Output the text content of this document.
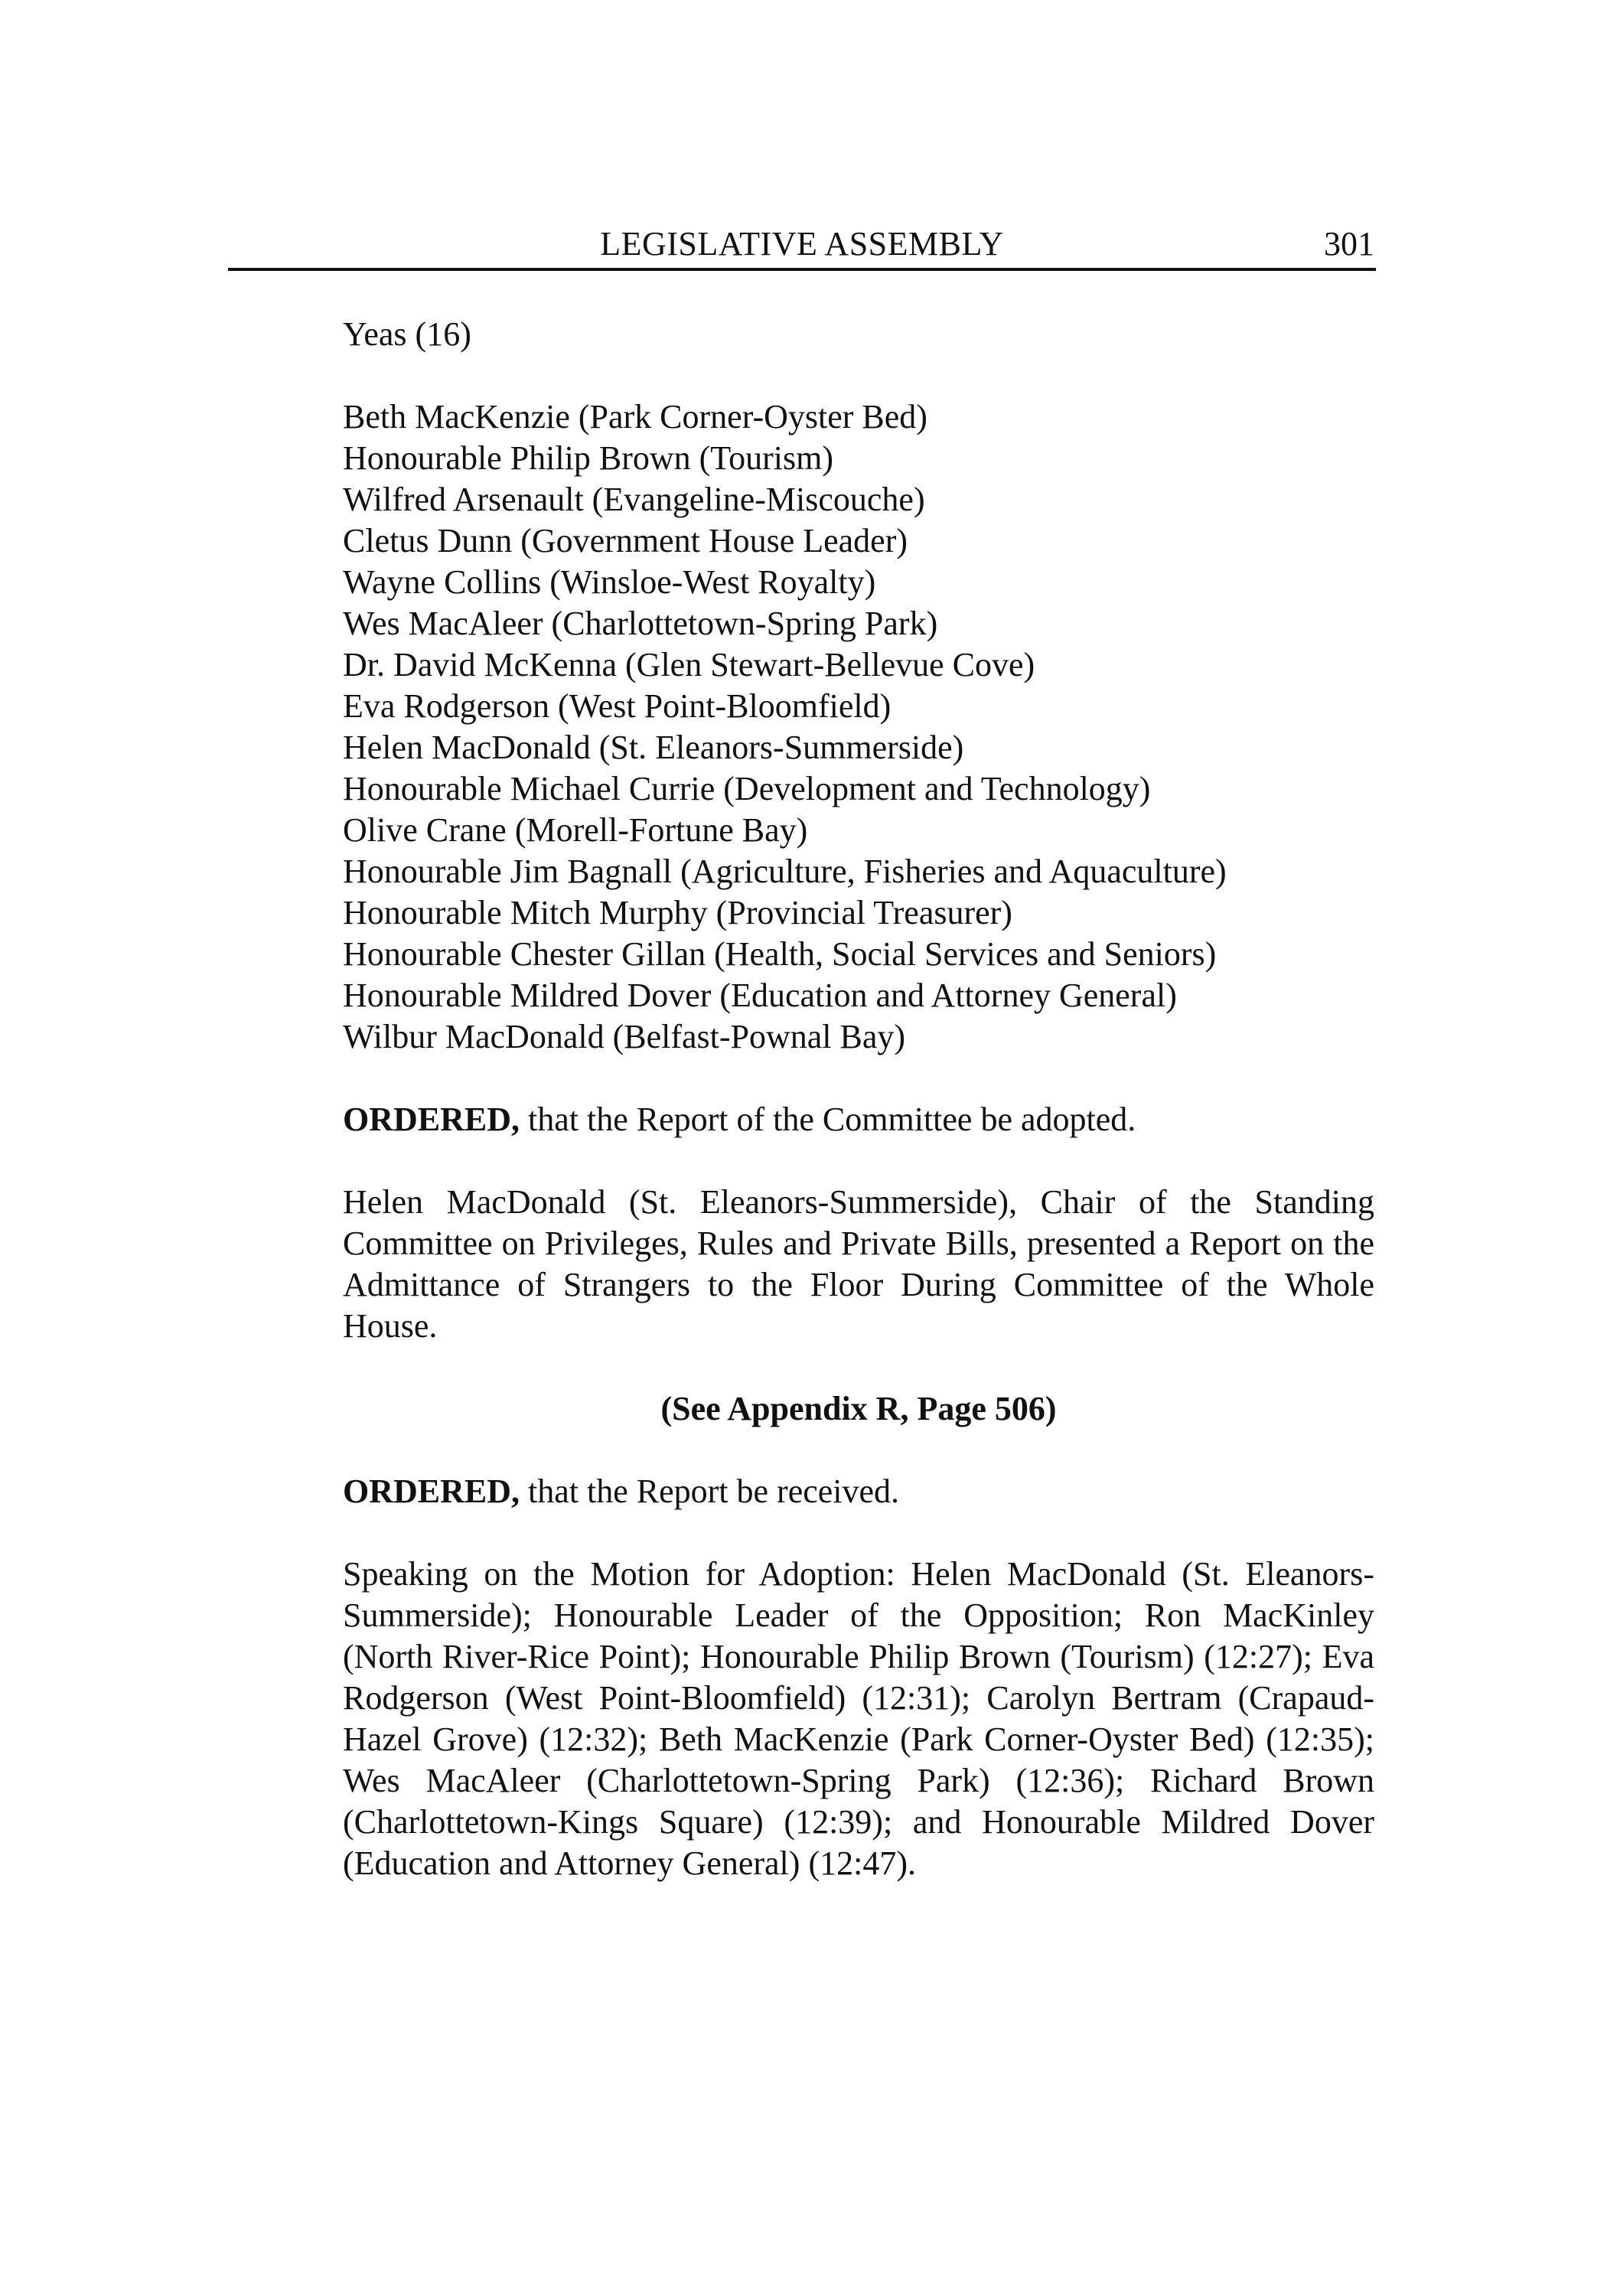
LEGISLATIVE ASSEMBLY	301

Yeas (16)

Beth MacKenzie (Park Corner-Oyster Bed)
Honourable Philip Brown (Tourism)
Wilfred Arsenault (Evangeline-Miscouche)
Cletus Dunn (Government House Leader)
Wayne Collins (Winsloe-West Royalty)
Wes MacAleer (Charlottetown-Spring Park)
Dr. David McKenna (Glen Stewart-Bellevue Cove)
Eva Rodgerson (West Point-Bloomfield)
Helen MacDonald (St. Eleanors-Summerside)
Honourable Michael Currie (Development and Technology)
Olive Crane (Morell-Fortune Bay)
Honourable Jim Bagnall (Agriculture, Fisheries and Aquaculture)
Honourable Mitch Murphy (Provincial Treasurer)
Honourable Chester Gillan (Health, Social Services and Seniors)
Honourable Mildred Dover (Education and Attorney General)
Wilbur MacDonald (Belfast-Pownal Bay)

ORDERED, that the Report of the Committee be adopted.

Helen MacDonald (St. Eleanors-Summerside), Chair of the Standing Committee on Privileges, Rules and Private Bills, presented a Report on the Admittance of Strangers to the Floor During Committee of the Whole House.

(See Appendix R, Page 506)

ORDERED, that the Report be received.

Speaking on the Motion for Adoption: Helen MacDonald (St. Eleanors-Summerside); Honourable Leader of the Opposition; Ron MacKinley (North River-Rice Point); Honourable Philip Brown (Tourism) (12:27); Eva Rodgerson (West Point-Bloomfield) (12:31); Carolyn Bertram (Crapaud-Hazel Grove) (12:32); Beth MacKenzie (Park Corner-Oyster Bed) (12:35); Wes MacAleer (Charlottetown-Spring Park) (12:36); Richard Brown (Charlottetown-Kings Square) (12:39); and Honourable Mildred Dover (Education and Attorney General) (12:47).
